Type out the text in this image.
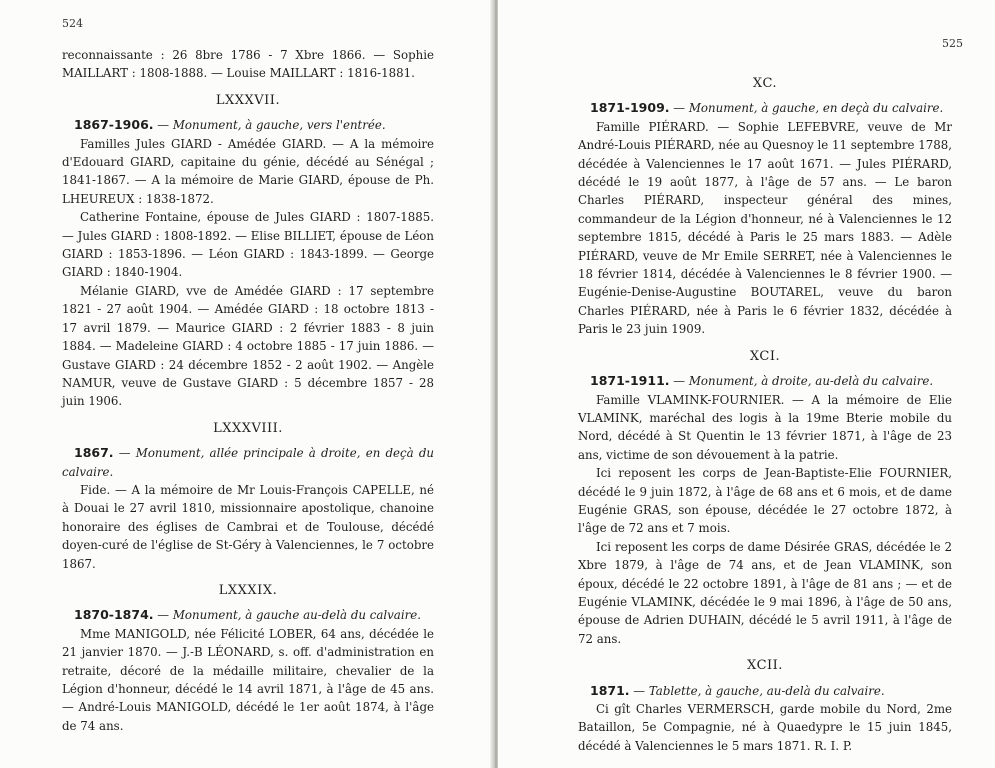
524

reconnaissante : 26 8bre 1786 - 7 Xbre 1866. — Sophie MAILLART : 1808-1888. — Louise MAILLART : 1816-1881.

LXXXVII.

1867-1906. — Monument, à gauche, vers l'entrée.

Familles Jules GIARD - Amédée GIARD. — A la mémoire d'Edouard GIARD, capitaine du génie, décédé au Sénégal ; 1841-1867. — A la mémoire de Marie GIARD, épouse de Ph. LHEUREUX : 1838-1872.

Catherine Fontaine, épouse de Jules GIARD : 1807-1885. — Jules GIARD : 1808-1892. — Elise BILLIET, épouse de Léon GIARD : 1853-1896. — Léon GIARD : 1843-1899. — George GIARD : 1840-1904.

Mélanie GIARD, vve de Amédée GIARD : 17 septembre 1821 - 27 août 1904. — Amédée GIARD : 18 octobre 1813 - 17 avril 1879. — Maurice GIARD : 2 février 1883 - 8 juin 1884. — Madeleine GIARD : 4 octobre 1885 - 17 juin 1886. — Gustave GIARD : 24 décembre 1852 - 2 août 1902. — Angèle NAMUR, veuve de Gustave GIARD : 5 décembre 1857 - 28 juin 1906.

LXXXVIII.

1867. — Monument, allée principale à droite, en deçà du calvaire.

Fide. — A la mémoire de Mr Louis-François CAPELLE, né à Douai le 27 avril 1810, missionnaire apostolique, chanoine honoraire des églises de Cambrai et de Toulouse, décédé doyen-curé de l'église de St-Géry à Valenciennes, le 7 octobre 1867.

LXXXIX.

1870-1874. — Monument, à gauche au-delà du calvaire.

Mme MANIGOLD, née Félicité LOBER, 64 ans, décédée le 21 janvier 1870. — J.-B LÉONARD, s. off. d'administration en retraite, décoré de la médaille militaire, chevalier de la Légion d'honneur, décédé le 14 avril 1871, à l'âge de 45 ans. — André-Louis MANIGOLD, décédé le 1er août 1874, à l'âge de 74 ans.

525
XC.

1871-1909. — Monument, à gauche, en deçà du calvaire.

Famille PIÉRARD. — Sophie LEFEBVRE, veuve de Mr André-Louis PIÉRARD, née au Quesnoy le 11 septembre 1788, décédée à Valenciennes le 17 août 1671. — Jules PIÉRARD, décédé le 19 août 1877, à l'âge de 57 ans. — Le baron Charles PIÉRARD, inspecteur général des mines, commandeur de la Légion d'honneur, né à Valenciennes le 12 septembre 1815, décédé à Paris le 25 mars 1883. — Adèle PIÉRARD, veuve de Mr Emile SERRET, née à Valenciennes le 18 février 1814, décédée à Valenciennes le 8 février 1900. — Eugénie-Denise-Augustine BOUTAREL, veuve du baron Charles PIÉRARD, née à Paris le 6 février 1832, décédée à Paris le 23 juin 1909.

XCI.

1871-1911. — Monument, à droite, au-delà du calvaire.

Famille VLAMINK-FOURNIER. — A la mémoire de Elie VLAMINK, maréchal des logis à la 19me Bterie mobile du Nord, décédé à St Quentin le 13 février 1871, à l'âge de 23 ans, victime de son dévouement à la patrie.

Ici reposent les corps de Jean-Baptiste-Elie FOURNIER, décédé le 9 juin 1872, à l'âge de 68 ans et 6 mois, et de dame Eugénie GRAS, son épouse, décédée le 27 octobre 1872, à l'âge de 72 ans et 7 mois.

Ici reposent les corps de dame Désirée GRAS, décédée le 2 Xbre 1879, à l'âge de 74 ans, et de Jean VLAMINK, son époux, décédé le 22 octobre 1891, à l'âge de 81 ans ; — et de Eugénie VLAMINK, décédée le 9 mai 1896, à l'âge de 50 ans, épouse de Adrien DUHAIN, décédé le 5 avril 1911, à l'âge de 72 ans.

XCII.

1871. — Tablette, à gauche, au-delà du calvaire.

Ci gît Charles VERMERSCH, garde mobile du Nord, 2me Bataillon, 5e Compagnie, né à Quaedypre le 15 juin 1845, décédé à Valenciennes le 5 mars 1871. R. I. P.
